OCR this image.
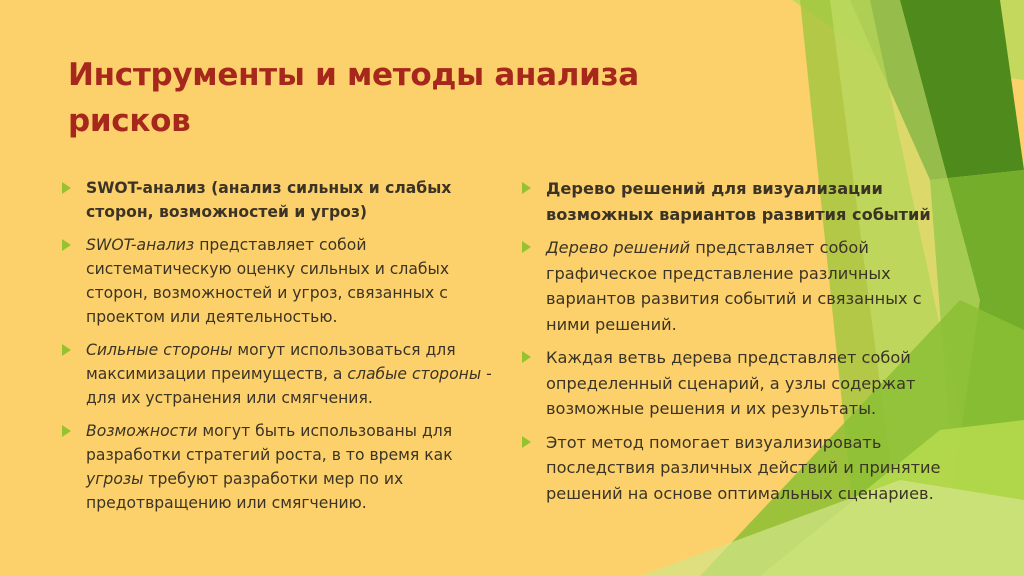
Инструменты и методы анализа рисков
SWOT-анализ (анализ сильных и слабых сторон, возможностей и угроз)
SWOT-анализ представляет собой систематическую оценку сильных и слабых сторон, возможностей и угроз, связанных с проектом или деятельностью.
Сильные стороны могут использоваться для максимизации преимуществ, а слабые стороны - для их устранения или смягчения.
Возможности могут быть использованы для разработки стратегий роста, в то время как угрозы требуют разработки мер по их предотвращению или смягчению.
Дерево решений для визуализации возможных вариантов развития событий
Дерево решений представляет собой графическое представление различных вариантов развития событий и связанных с ними решений.
Каждая ветвь дерева представляет собой определенный сценарий, а узлы содержат возможные решения и их результаты.
Этот метод помогает визуализировать последствия различных действий и принятие решений на основе оптимальных сценариев.
